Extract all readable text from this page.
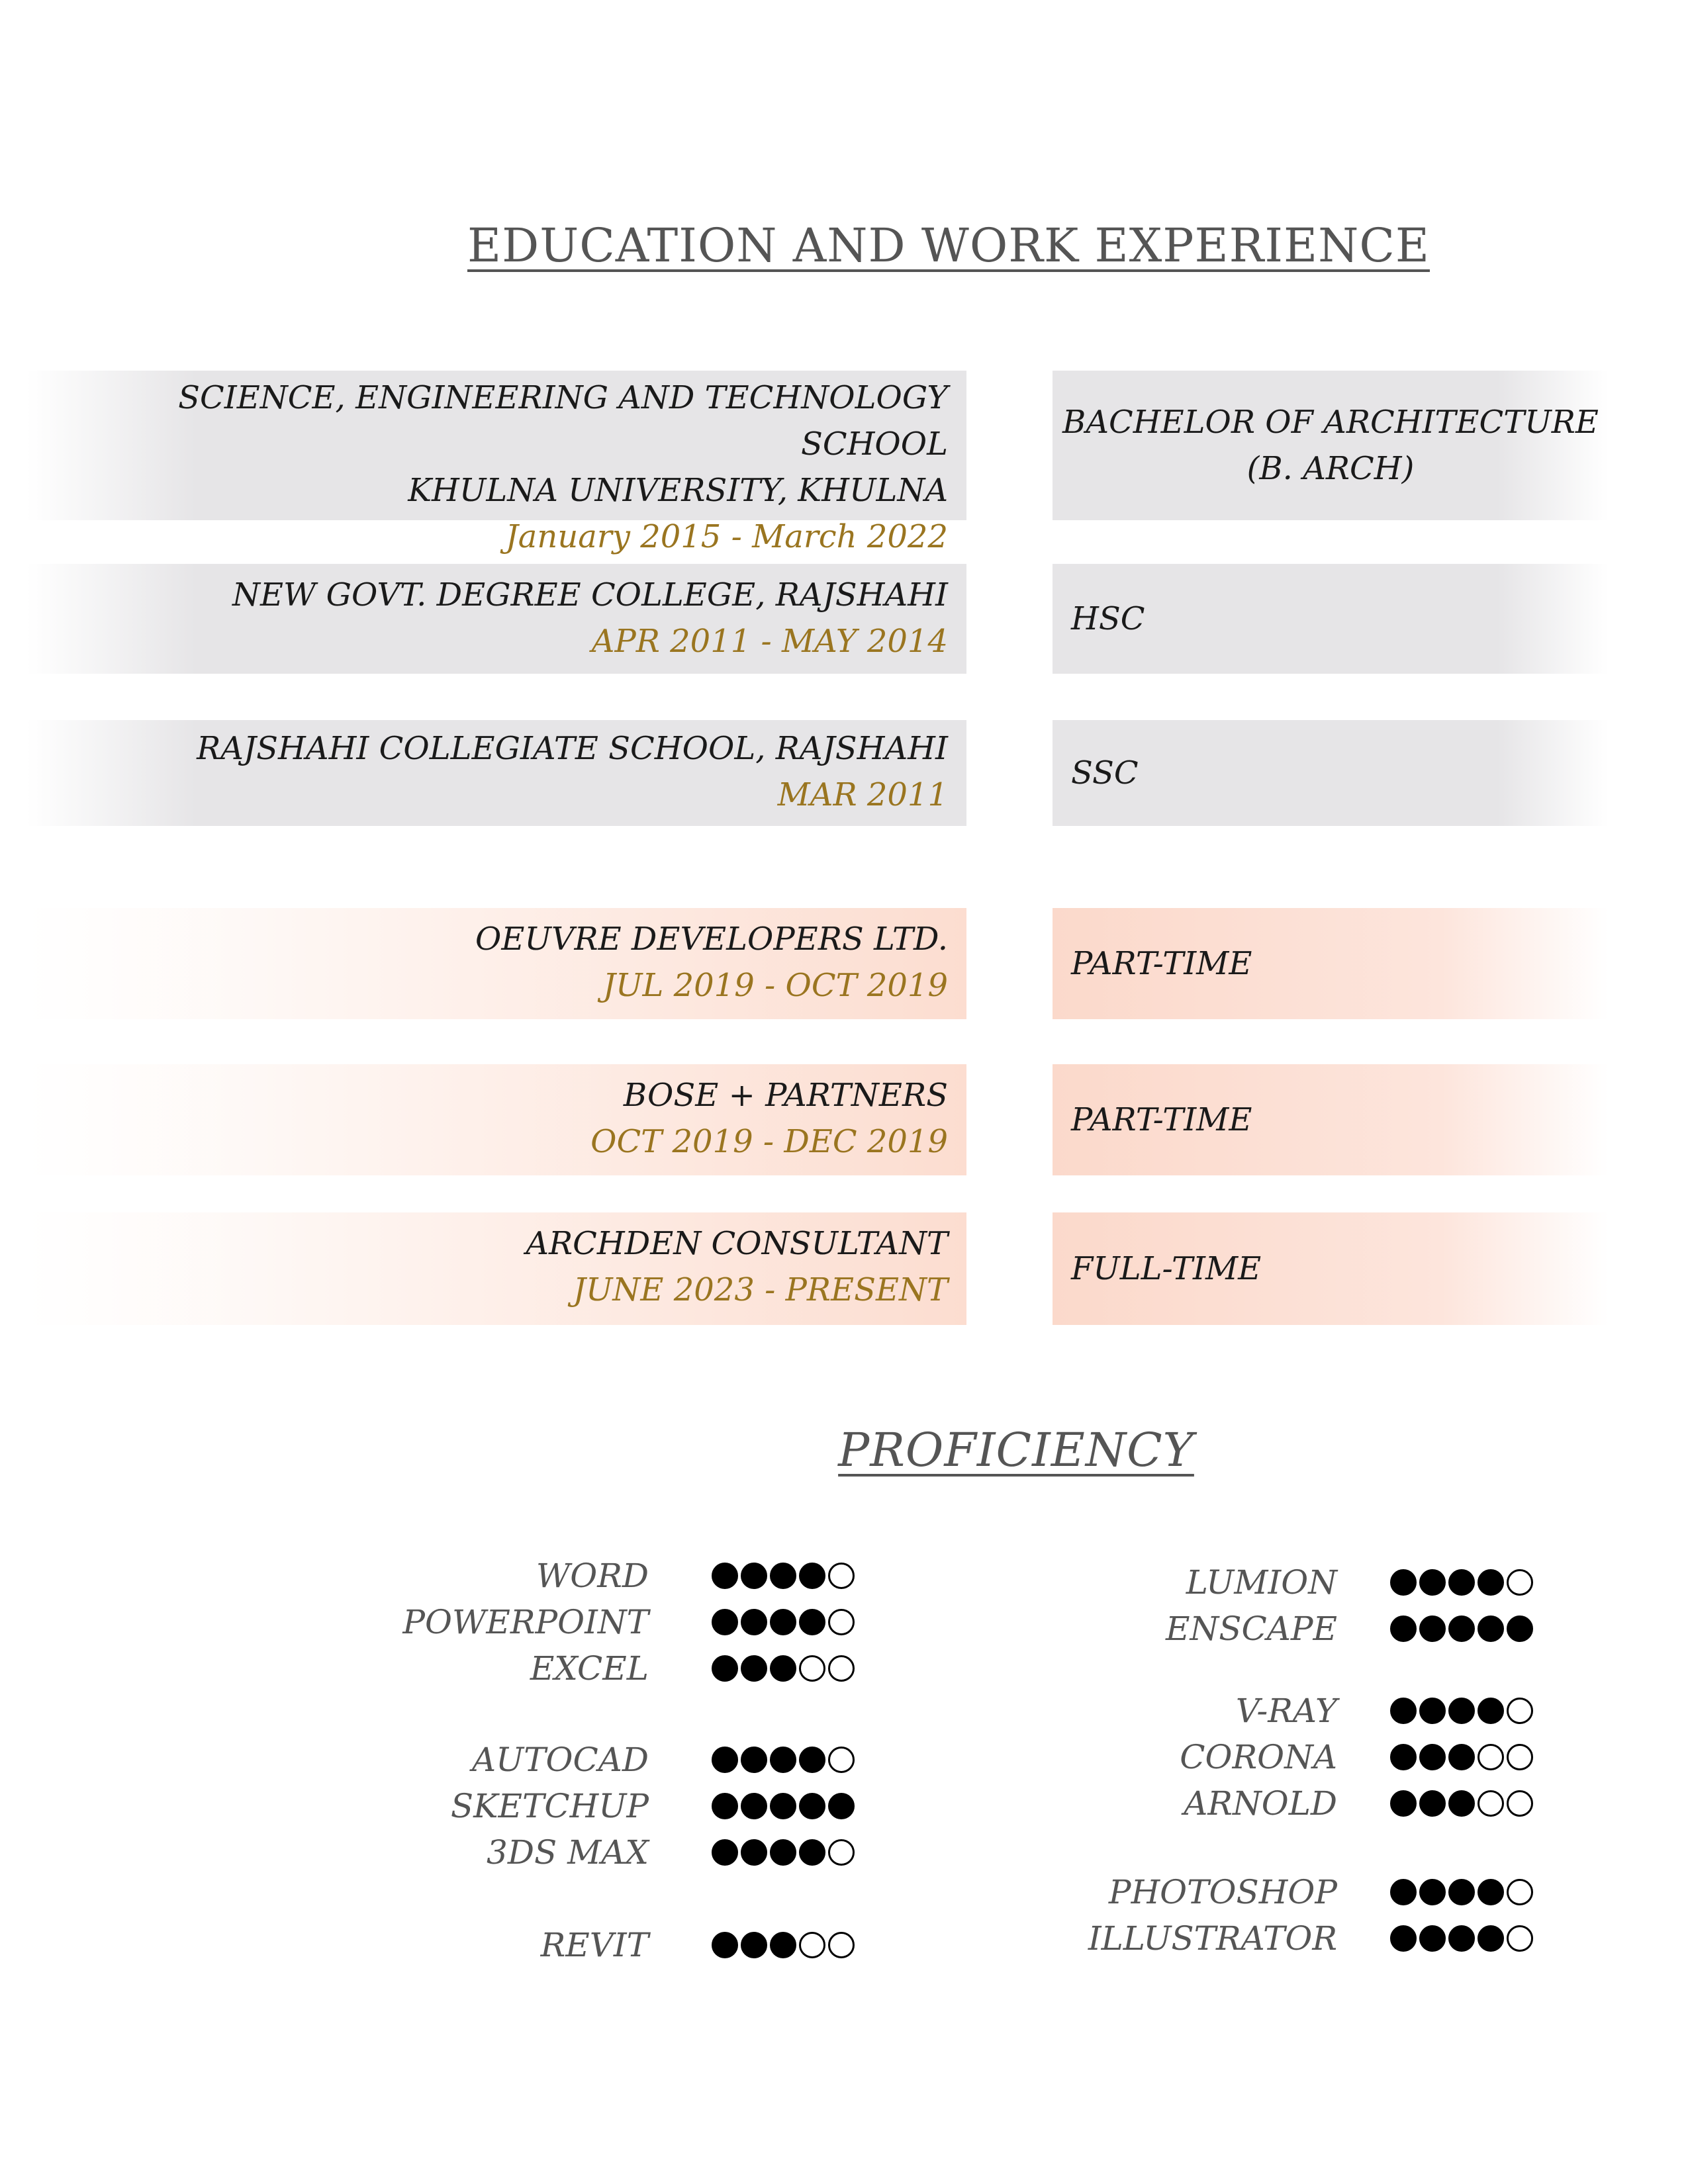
EDUCATION AND WORK EXPERIENCE
SCIENCE, ENGINEERING AND TECHNOLOGY SCHOOL
KHULNA UNIVERSITY, KHULNA
January 2015 - March 2022
BACHELOR OF ARCHITECTURE
(B. ARCH)
NEW GOVT. DEGREE COLLEGE, RAJSHAHI
APR 2011 - MAY 2014
HSC
RAJSHAHI COLLEGIATE SCHOOL, RAJSHAHI
MAR 2011
SSC
OEUVRE DEVELOPERS LTD.
JUL 2019 - OCT 2019
PART-TIME
BOSE + PARTNERS
OCT 2019 - DEC 2019
PART-TIME
ARCHDEN CONSULTANT
JUNE 2023 - PRESENT
FULL-TIME
PROFICIENCY
WORD
POWERPOINT
EXCEL
AUTOCAD
SKETCHUP
3DS MAX
REVIT
LUMION
ENSCAPE
V-RAY
CORONA
ARNOLD
PHOTOSHOP
ILLUSTRATOR
